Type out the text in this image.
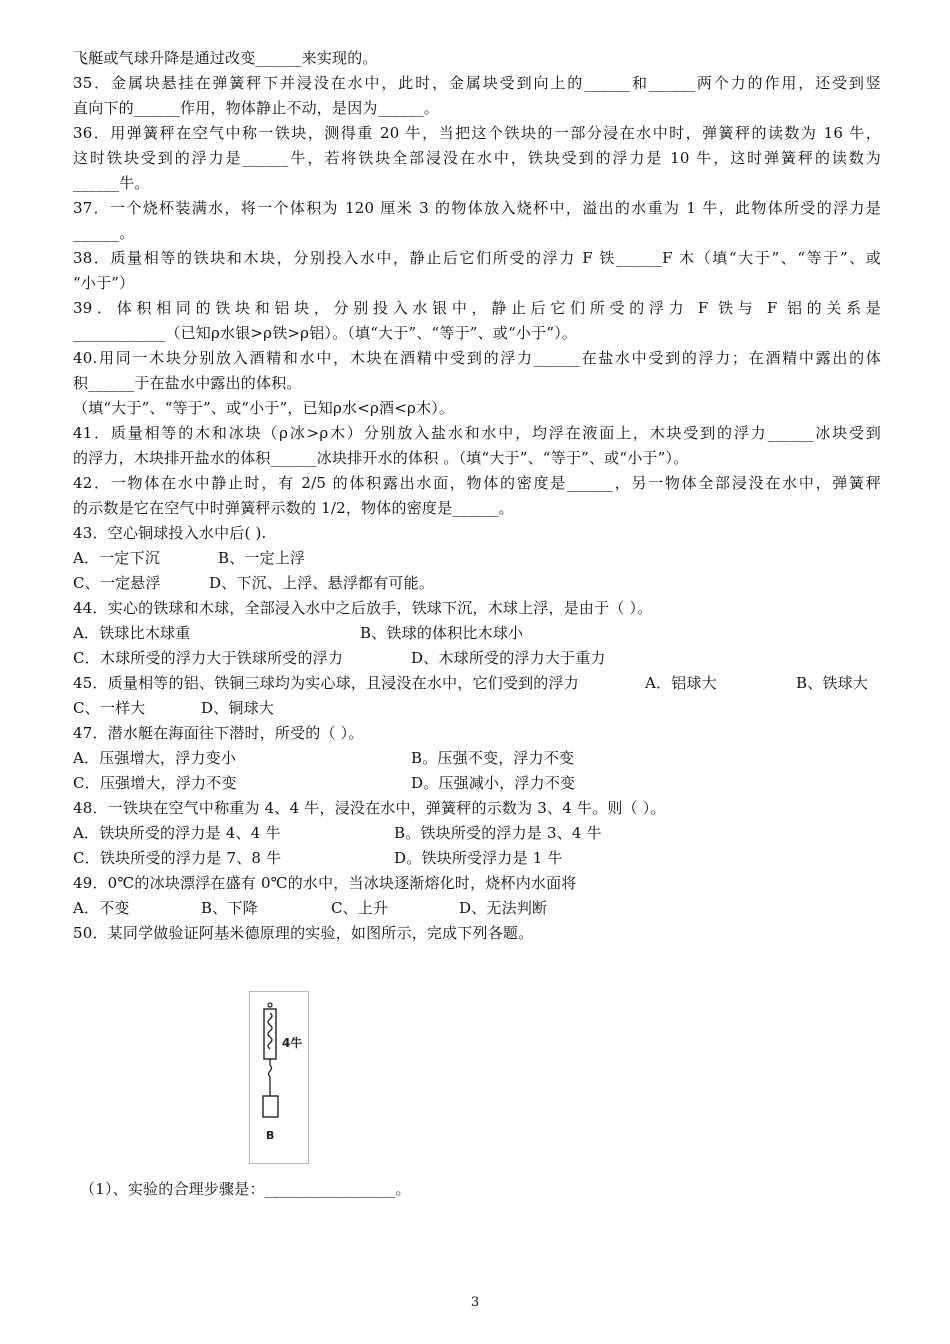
飞艇或气球升降是通过改变______来实现的。
35．金属块悬挂在弹簧秤下并浸没在水中，此时，金属块受到向上的______和______两个力的作用，还受到竖
直向下的______作用，物体静止不动，是因为______。
36．用弹簧秤在空气中称一铁块，测得重 20 牛，当把这个铁块的一部分浸在水中时，弹簧秤的读数为 16 牛，
这时铁块受到的浮力是______牛，若将铁块全部浸没在水中，铁块受到的浮力是 10 牛，这时弹簧秤的读数为
______牛。
37．一个烧杯装满水，将一个体积为 120 厘米 3 的物体放入烧杯中，溢出的水重为 1 牛，此物体所受的浮力是
______。
38．质量相等的铁块和木块，分别投入水中，静止后它们所受的浮力 F 铁______F 木（填“大于”、“等于”、或
“小于”）
39．体积相同的铁块和铝块，分别投入水银中，静止后它们所受的浮力 F 铁与 F 铝的关系是
____________（已知ρ水银>ρ铁>ρ铝）。（填“大于”、“等于”、或“小于”）。
40.用同一木块分别放入酒精和水中，木块在酒精中受到的浮力______在盐水中受到的浮力；在酒精中露出的体
积______于在盐水中露出的体积。
（填“大于”、“等于”、或“小于”，已知ρ水<ρ酒<ρ木）。
41．质量相等的木和冰块（ρ冰>ρ木）分别放入盐水和水中，均浮在液面上，木块受到的浮力______冰块受到
的浮力，木块排开盐水的体积______冰块排开水的体积 。（填“大于”、“等于”、或“小于”）。
42．一物体在水中静止时，有 2/5 的体积露出水面，物体的密度是______，另一物体全部浸没在水中，弹簧秤
的示数是它在空气中时弹簧秤示数的 1/2，物体的密度是______。
43．空心铜球投入水中后( ).
A．一定下沉	B、一定上浮
C、一定悬浮	D、下沉、上浮、悬浮都有可能。
44．实心的铁球和木球，全部浸入水中之后放手，铁球下沉，木球上浮，是由于（ ）。
A．铁球比木球重	B、铁球的体积比木球小
C．木球所受的浮力大于铁球所受的浮力	D、木球所受的浮力大于重力
45．质量相等的铝、铁铜三球均为实心球，且浸没在水中，它们受到的浮力	A．铝球大	B、铁球大
C、一样大	D、铜球大
47．潜水艇在海面往下潜时，所受的（ ）。
A．压强增大，浮力变小	B。压强不变，浮力不变
C．压强增大，浮力不变	D。压强减小，浮力不变
48．一铁块在空气中称重为 4、4 牛，浸没在水中，弹簧秤的示数为 3、4 牛。则（ ）。
A．铁块所受的浮力是 4、4 牛	B。铁块所受的浮力是 3、4 牛
C．铁块所受的浮力是 7、8 牛	D。铁块所受浮力是 1 牛
49．0℃的冰块漂浮在盛有 0℃的水中，当冰块逐渐熔化时，烧杯内水面将
A．不变	B、下降	C、上升	D、无法判断
50．某同学做验证阿基米德原理的实验，如图所示，完成下列各题。
4牛
B
（1）、实验的合理步骤是：_________________。
3
